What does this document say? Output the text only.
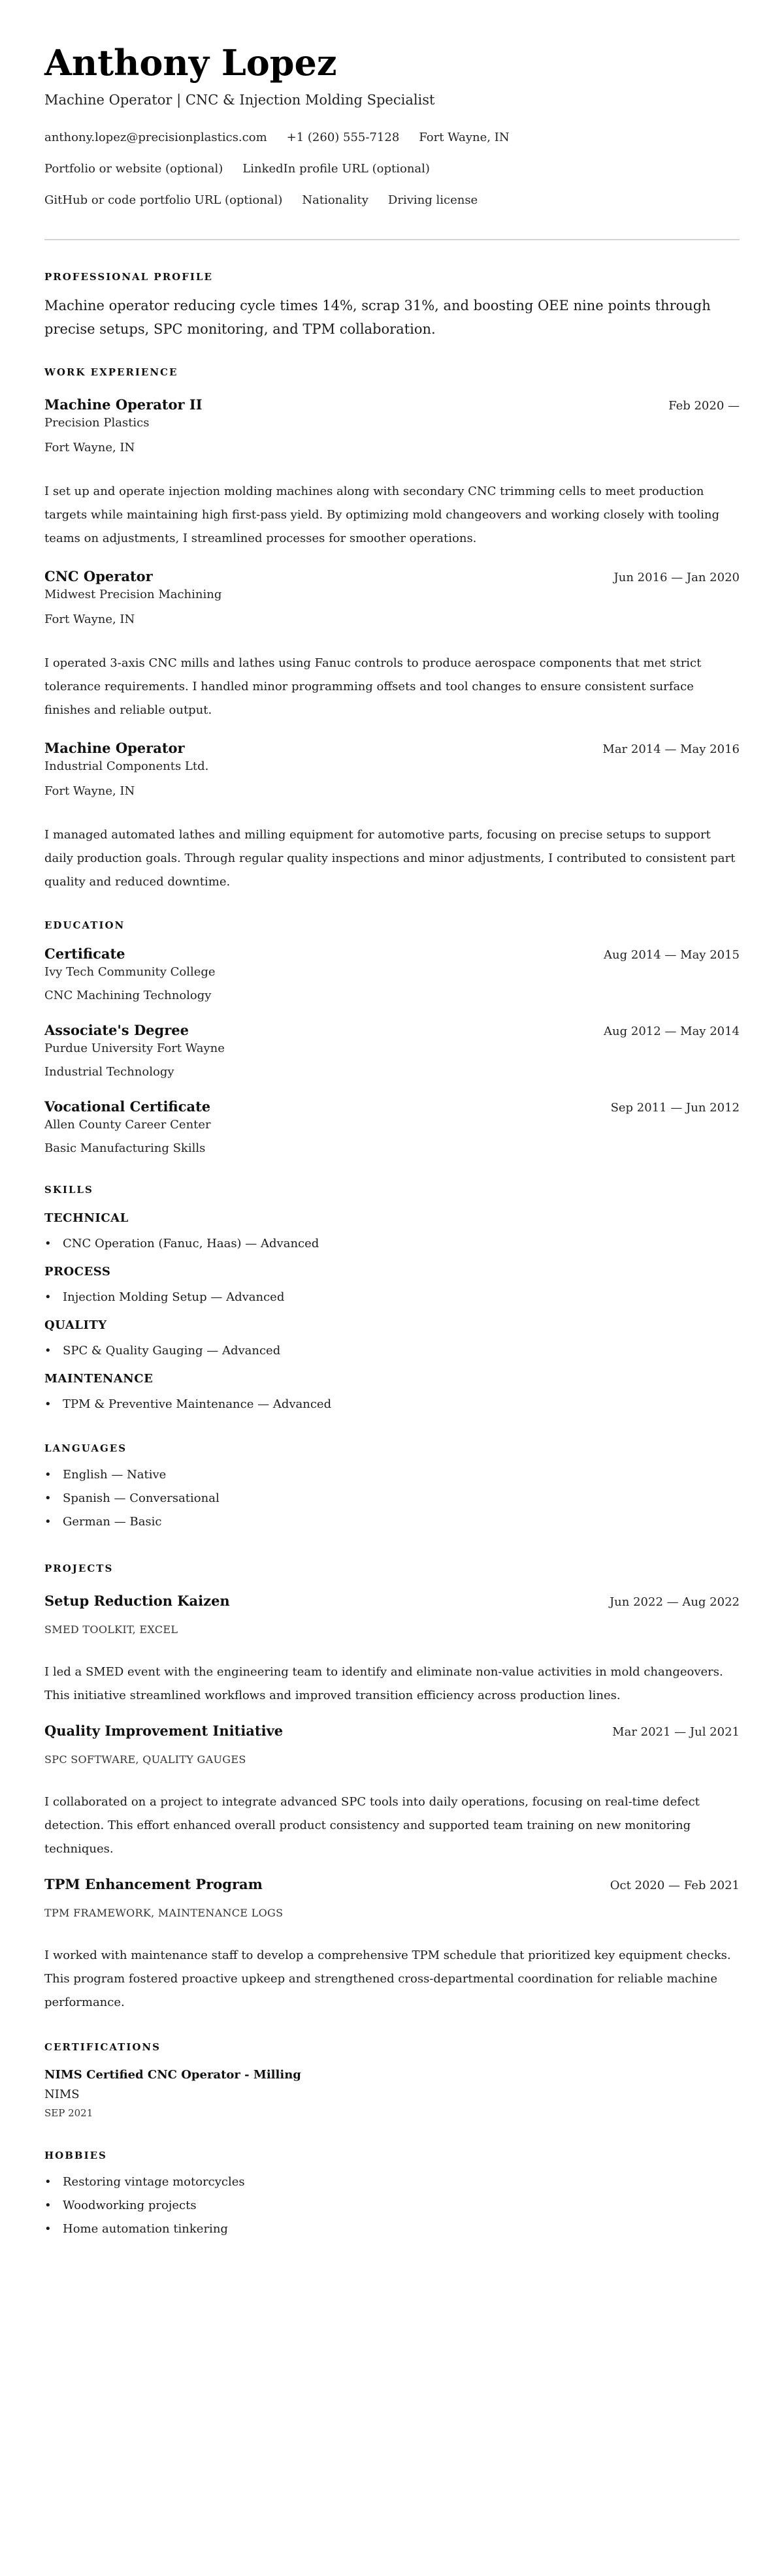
Anthony Lopez
Machine Operator | CNC & Injection Molding Specialist
anthony.lopez@precisionplastics.com +1 (260) 555-7128 Fort Wayne, IN
Portfolio or website (optional) LinkedIn profile URL (optional)
GitHub or code portfolio URL (optional) Nationality Driving license
PROFESSIONAL PROFILE

Machine operator reducing cycle times 14%, scrap 31%, and boosting OEE nine points through precise setups, SPC monitoring, and TPM collaboration.

WORK EXPERIENCE
Machine Operator II	Feb 2020 —
Precision Plastics
Fort Wayne, IN

I set up and operate injection molding machines along with secondary CNC trimming cells to meet production targets while maintaining high first-pass yield. By optimizing mold changeovers and working closely with tooling teams on adjustments, I streamlined processes for smoother operations.

CNC Operator	Jun 2016 — Jan 2020
Midwest Precision Machining
Fort Wayne, IN

I operated 3-axis CNC mills and lathes using Fanuc controls to produce aerospace components that met strict tolerance requirements. I handled minor programming offsets and tool changes to ensure consistent surface finishes and reliable output.

Machine Operator	Mar 2014 — May 2016
Industrial Components Ltd.
Fort Wayne, IN

I managed automated lathes and milling equipment for automotive parts, focusing on precise setups to support daily production goals. Through regular quality inspections and minor adjustments, I contributed to consistent part quality and reduced downtime.

EDUCATION
Certificate	Aug 2014 — May 2015
Ivy Tech Community College
CNC Machining Technology
Associate's Degree	Aug 2012 — May 2014
Purdue University Fort Wayne
Industrial Technology
Vocational Certificate	Sep 2011 — Jun 2012
Allen County Career Center
Basic Manufacturing Skills
SKILLS
TECHNICAL
• CNC Operation (Fanuc, Haas) — Advanced
PROCESS
• Injection Molding Setup — Advanced
QUALITY
• SPC & Quality Gauging — Advanced
MAINTENANCE
• TPM & Preventive Maintenance — Advanced
LANGUAGES
• English — Native
• Spanish — Conversational
• German — Basic
PROJECTS
Setup Reduction Kaizen	Jun 2022 — Aug 2022
SMED TOOLKIT, EXCEL

I led a SMED event with the engineering team to identify and eliminate non-value activities in mold changeovers. This initiative streamlined workflows and improved transition efficiency across production lines.

Quality Improvement Initiative	Mar 2021 — Jul 2021
SPC SOFTWARE, QUALITY GAUGES

I collaborated on a project to integrate advanced SPC tools into daily operations, focusing on real-time defect detection. This effort enhanced overall product consistency and supported team training on new monitoring techniques.

TPM Enhancement Program	Oct 2020 — Feb 2021
TPM FRAMEWORK, MAINTENANCE LOGS

I worked with maintenance staff to develop a comprehensive TPM schedule that prioritized key equipment checks. This program fostered proactive upkeep and strengthened cross-departmental coordination for reliable machine performance.

CERTIFICATIONS
NIMS Certified CNC Operator - Milling
NIMS
SEP 2021
HOBBIES
• Restoring vintage motorcycles
• Woodworking projects
• Home automation tinkering
